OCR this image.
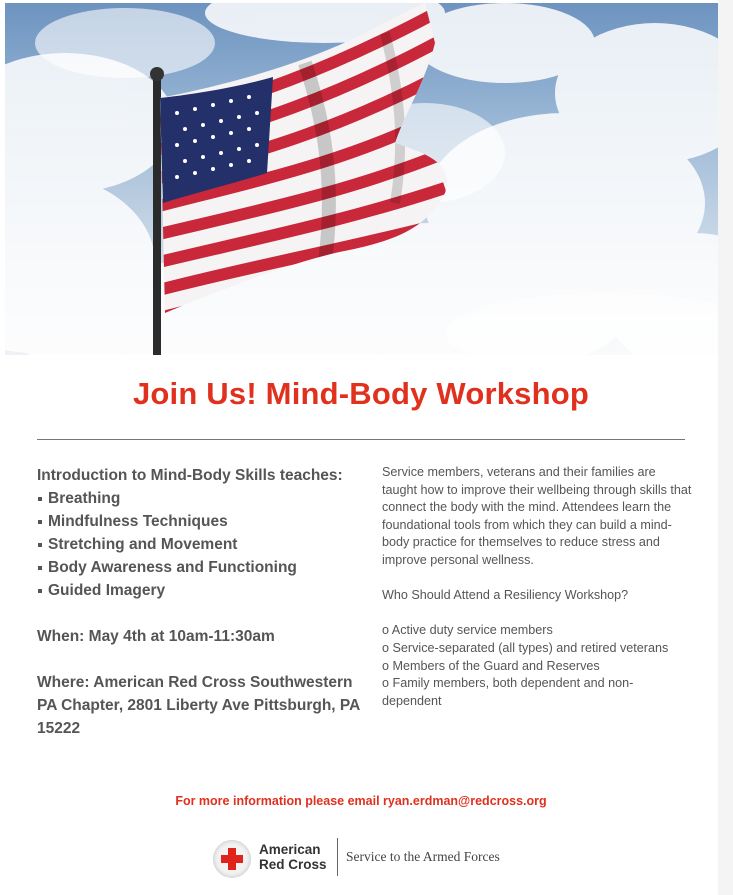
Join Us! Mind-Body Workshop
Introduction to Mind-Body Skills teaches:
Breathing
Mindfulness Techniques
Stretching and Movement
Body Awareness and Functioning
Guided Imagery
When: May 4th at 10am-11:30am
Where: American Red Cross Southwestern PA Chapter, 2801 Liberty Ave Pittsburgh, PA 15222

Service members, veterans and their families are taught how to improve their wellbeing through skills that connect the body with the mind. Attendees learn the foundational tools from which they can build a mind-body practice for themselves to reduce stress and improve personal wellness.

Who Should Attend a Resiliency Workshop?

o Active duty service members

o Service-separated (all types) and retired veterans

o Members of the Guard and Reserves

o Family members, both dependent and non-dependent

For more information please email ryan.erdman@redcross.org
American
Red Cross
Service to the Armed Forces
